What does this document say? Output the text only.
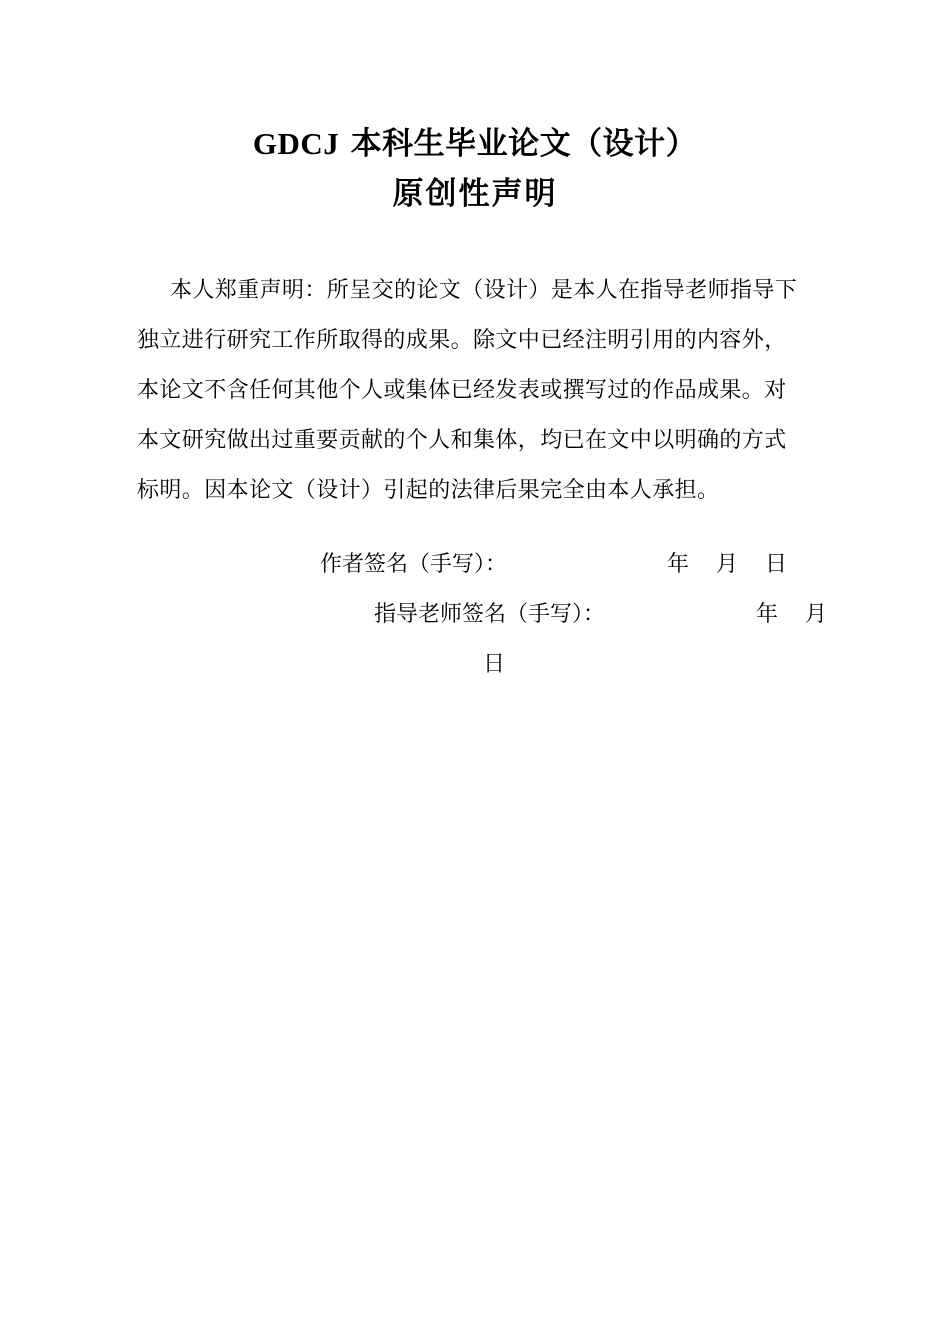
GDCJ 本科生毕业论文（设计）
原创性声明
本人郑重声明：所呈交的论文（设计）是本人在指导老师指导下
独立进行研究工作所取得的成果。除文中已经注明引用的内容外，
本论文不含任何其他个人或集体已经发表或撰写过的作品成果。对
本文研究做出过重要贡献的个人和集体，均已在文中以明确的方式
标明。因本论文（设计）引起的法律后果完全由本人承担。
作者签名（手写）：	年 月 日
指导老师签名（手写）：	年 月
日
